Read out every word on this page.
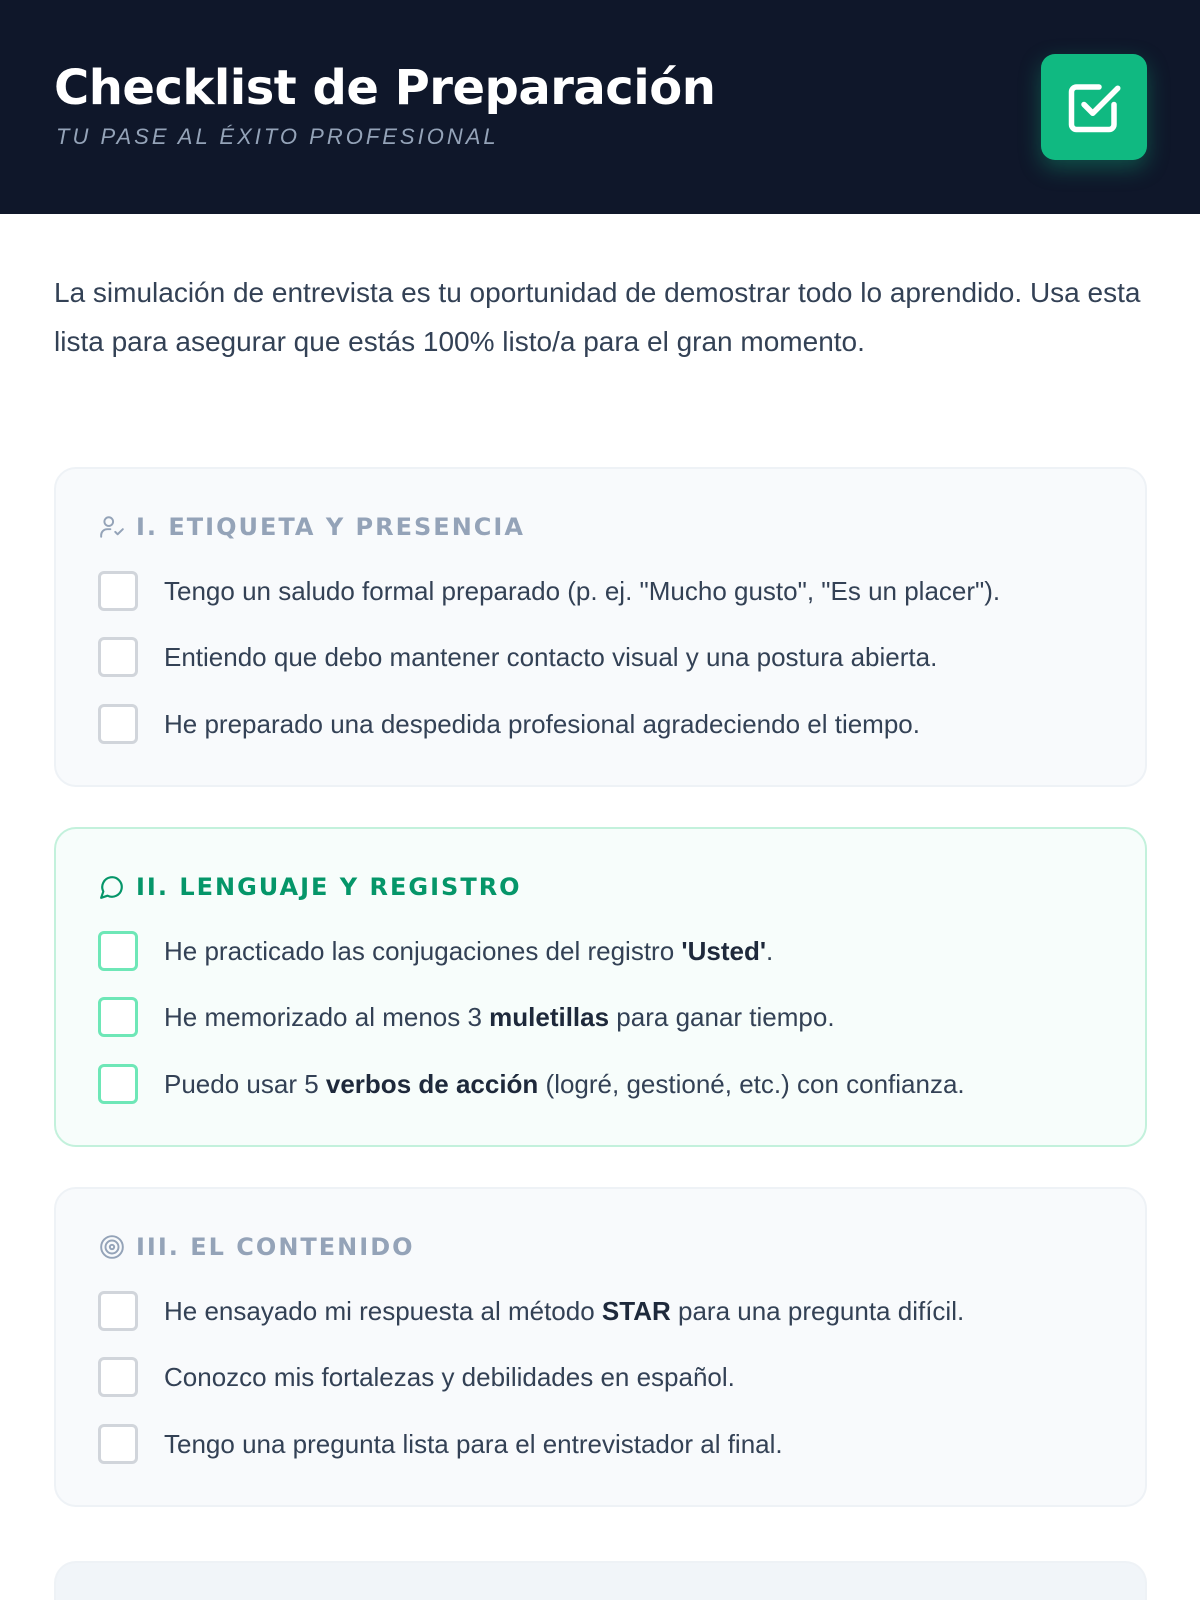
Checklist de Preparación
TU PASE AL ÉXITO PROFESIONAL

La simulación de entrevista es tu oportunidad de demostrar todo lo aprendido. Usa esta lista para asegurar que estás 100% listo/a para el gran momento.

I. ETIQUETA Y PRESENCIA
Tengo un saludo formal preparado (p. ej. "Mucho gusto", "Es un placer").
Entiendo que debo mantener contacto visual y una postura abierta.
He preparado una despedida profesional agradeciendo el tiempo.
II. LENGUAJE Y REGISTRO
He practicado las conjugaciones del registro 'Usted'.
He memorizado al menos 3 muletillas para ganar tiempo.
Puedo usar 5 verbos de acción (logré, gestioné, etc.) con confianza.
III. EL CONTENIDO
He ensayado mi respuesta al método STAR para una pregunta difícil.
Conozco mis fortalezas y debilidades en español.
Tengo una pregunta lista para el entrevistador al final.
